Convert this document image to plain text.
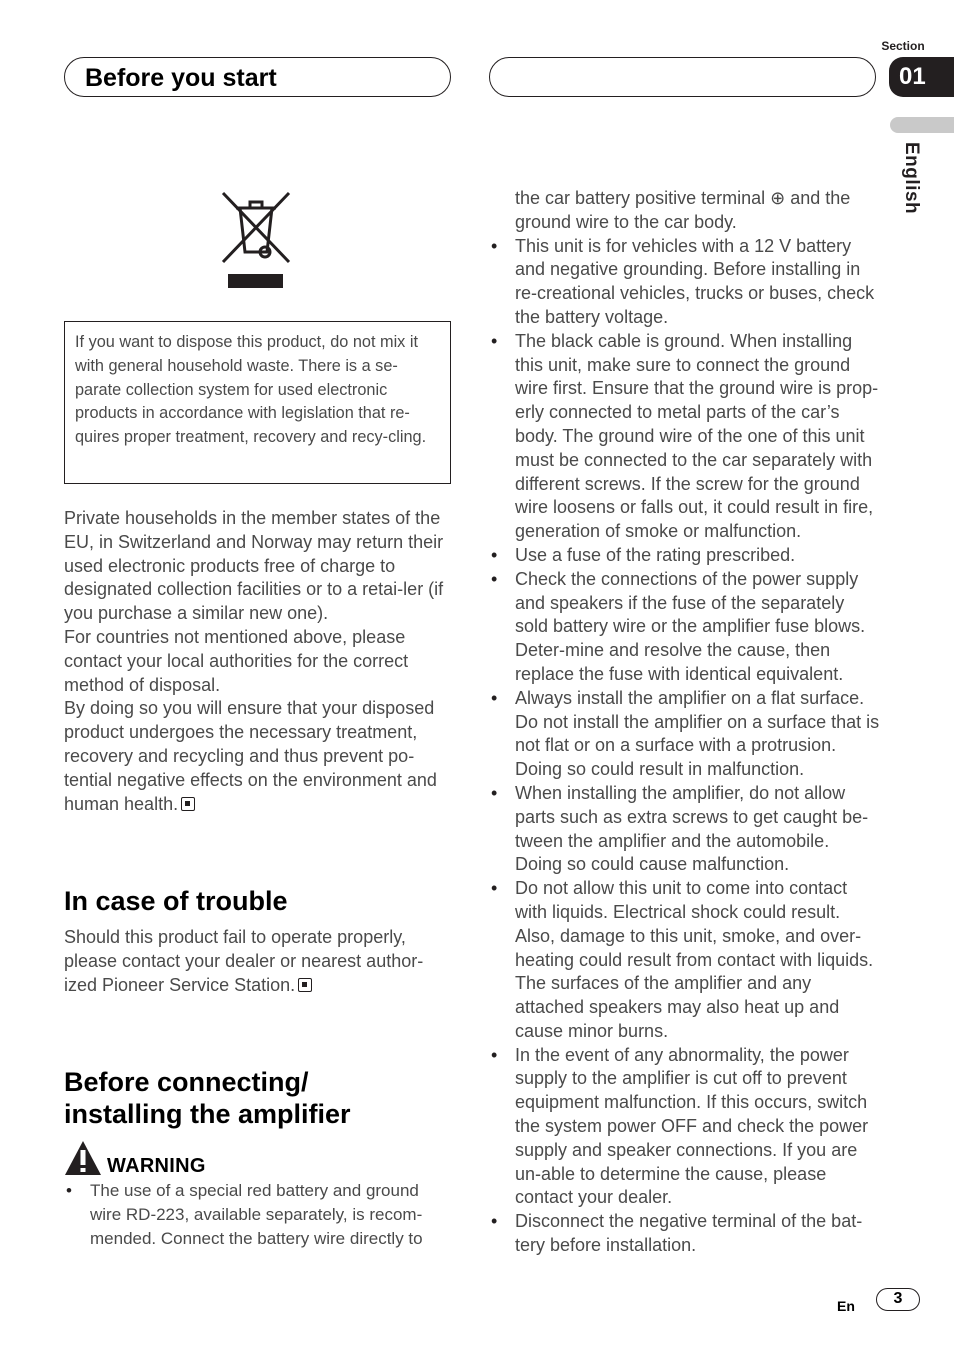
Before you start
Section
01
English
If you want to dispose this product, do not mix it with general household waste. There is a se-parate collection system for used electronic products in accordance with legislation that re-quires proper treatment, recovery and recy-cling.

Private households in the member states of the EU, in Switzerland and Norway may return their used electronic products free of charge to designated collection facilities or to a retai-ler (if you purchase a similar new one).

For countries not mentioned above, please contact your local authorities for the correct method of disposal.

By doing so you will ensure that your disposed product undergoes the necessary treatment, recovery and recycling and thus prevent po-tential negative effects on the environment and human health.

In case of trouble

Should this product fail to operate properly, please contact your dealer or nearest author-ized Pioneer Service Station.

Before connecting/
installing the amplifier
WARNING
• The use of a special red battery and ground wire RD-223, available separately, is recom-mended. Connect the battery wire directly to

the car battery positive terminal ⊕ and the ground wire to the car body.

• This unit is for vehicles with a 12 V battery and negative grounding. Before installing in re-creational vehicles, trucks or buses, check the battery voltage.
• The black cable is ground. When installing this unit, make sure to connect the ground wire first. Ensure that the ground wire is prop-erly connected to metal parts of the car’s body. The ground wire of the one of this unit must be connected to the car separately with different screws. If the screw for the ground wire loosens or falls out, it could result in fire, generation of smoke or malfunction.
• Use a fuse of the rating prescribed.
• Check the connections of the power supply and speakers if the fuse of the separately sold battery wire or the amplifier fuse blows. Deter-mine and resolve the cause, then replace the fuse with identical equivalent.
• Always install the amplifier on a flat surface. Do not install the amplifier on a surface that is not flat or on a surface with a protrusion. Doing so could result in malfunction.
• When installing the amplifier, do not allow parts such as extra screws to get caught be-tween the amplifier and the automobile. Doing so could cause malfunction.
• Do not allow this unit to come into contact with liquids. Electrical shock could result. Also, damage to this unit, smoke, and over-heating could result from contact with liquids. The surfaces of the amplifier and any attached speakers may also heat up and cause minor burns.
• In the event of any abnormality, the power supply to the amplifier is cut off to prevent equipment malfunction. If this occurs, switch the system power OFF and check the power supply and speaker connections. If you are un-able to determine the cause, please contact your dealer.
• Disconnect the negative terminal of the bat-tery before installation.
En	3
